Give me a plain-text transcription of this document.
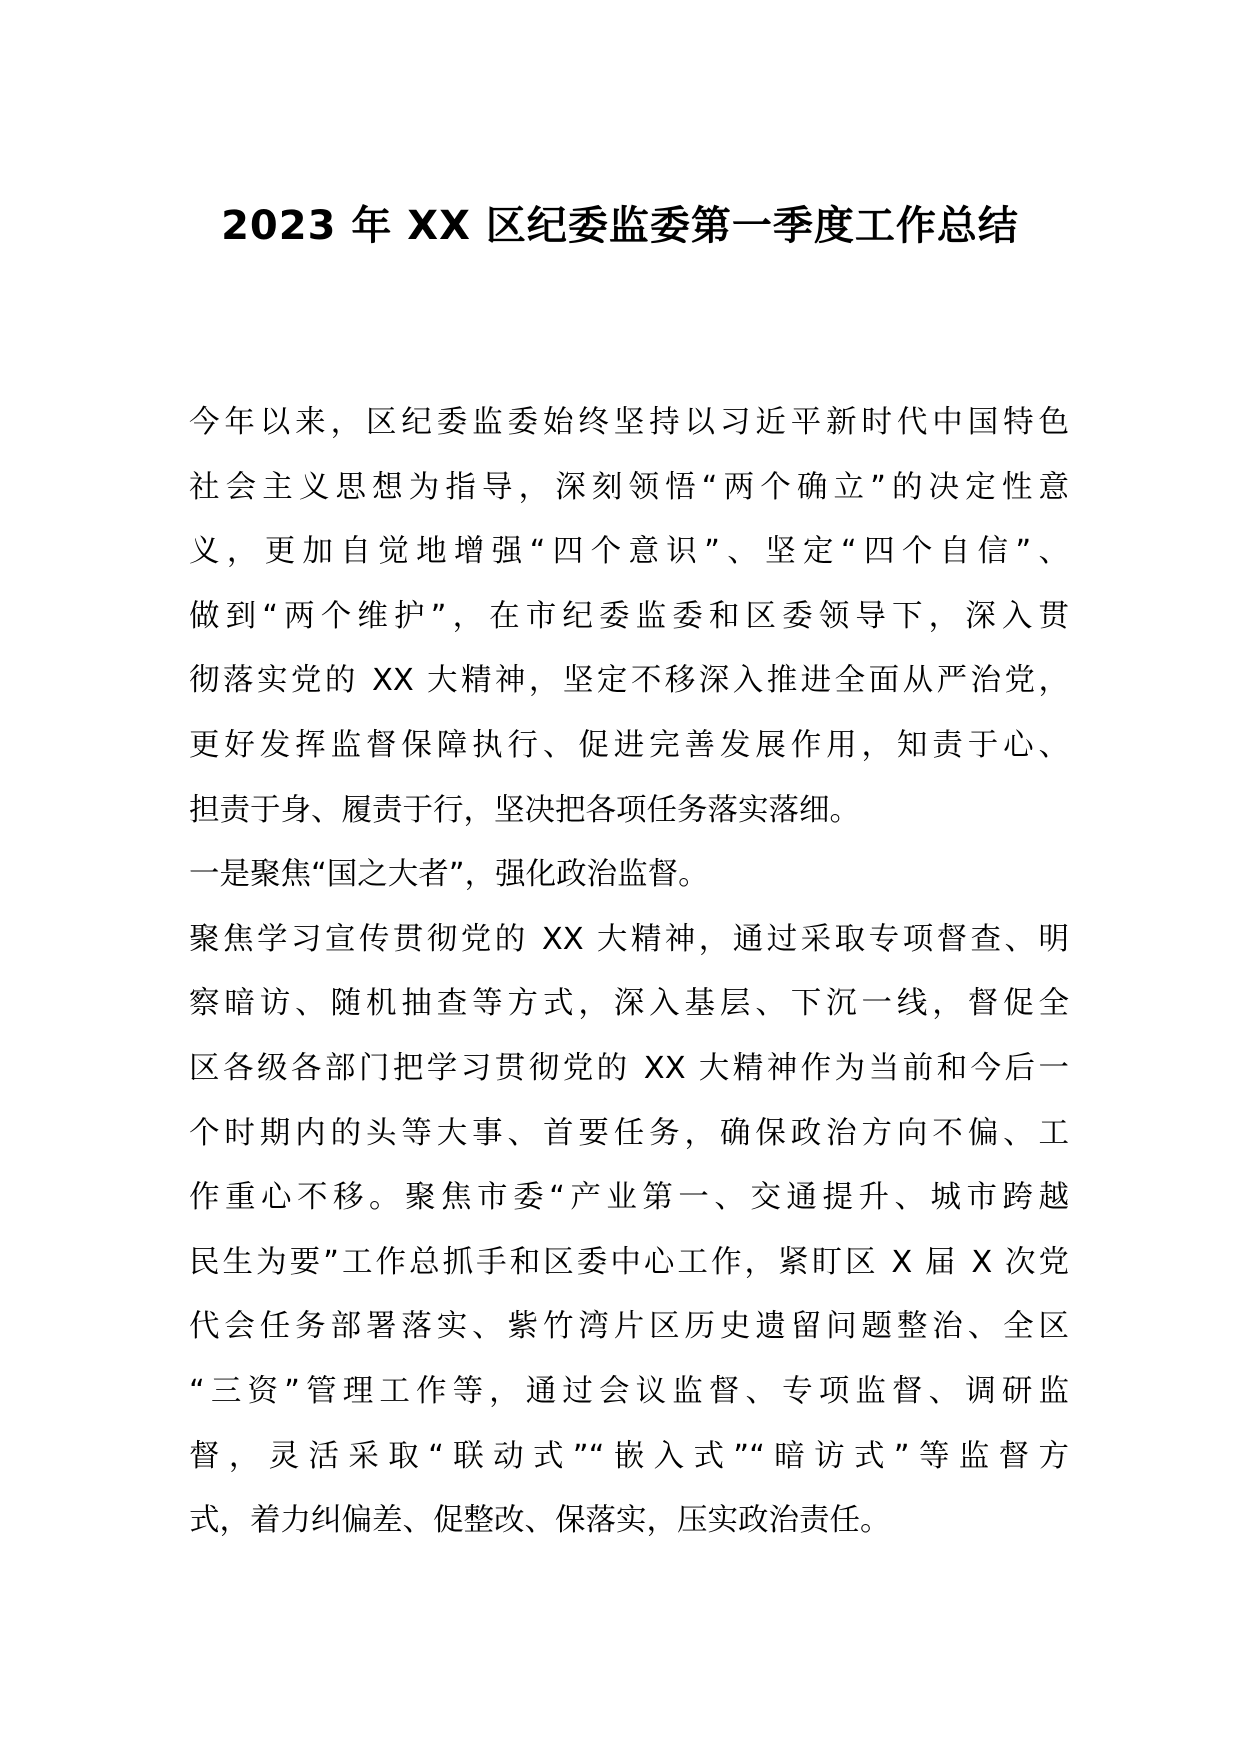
2023 年 XX 区纪委监委第一季度工作总结
今年以来，区纪委监委始终坚持以习近平新时代中国特色
社会主义思想为指导，深刻领悟“两个确立”的决定性意
义，更加自觉地增强“四个意识”、坚定“四个自信”、
做到“两个维护”，在市纪委监委和区委领导下，深入贯
彻落实党的 XX 大精神，坚定不移深入推进全面从严治党，
更好发挥监督保障执行、促进完善发展作用，知责于心、
担责于身、履责于行，坚决把各项任务落实落细。
一是聚焦“国之大者”，强化政治监督。
聚焦学习宣传贯彻党的 XX 大精神，通过采取专项督查、明
察暗访、随机抽查等方式，深入基层、下沉一线，督促全
区各级各部门把学习贯彻党的 XX 大精神作为当前和今后一
个时期内的头等大事、首要任务，确保政治方向不偏、工
作重心不移。聚焦市委“产业第一、交通提升、城市跨越
民生为要”工作总抓手和区委中心工作，紧盯区 X 届 X 次党
代会任务部署落实、紫竹湾片区历史遗留问题整治、全区
“三资”管理工作等，通过会议监督、专项监督、调研监
督，灵活采取“联动式”“嵌入式”“暗访式”等监督方
式，着力纠偏差、促整改、保落实，压实政治责任。
